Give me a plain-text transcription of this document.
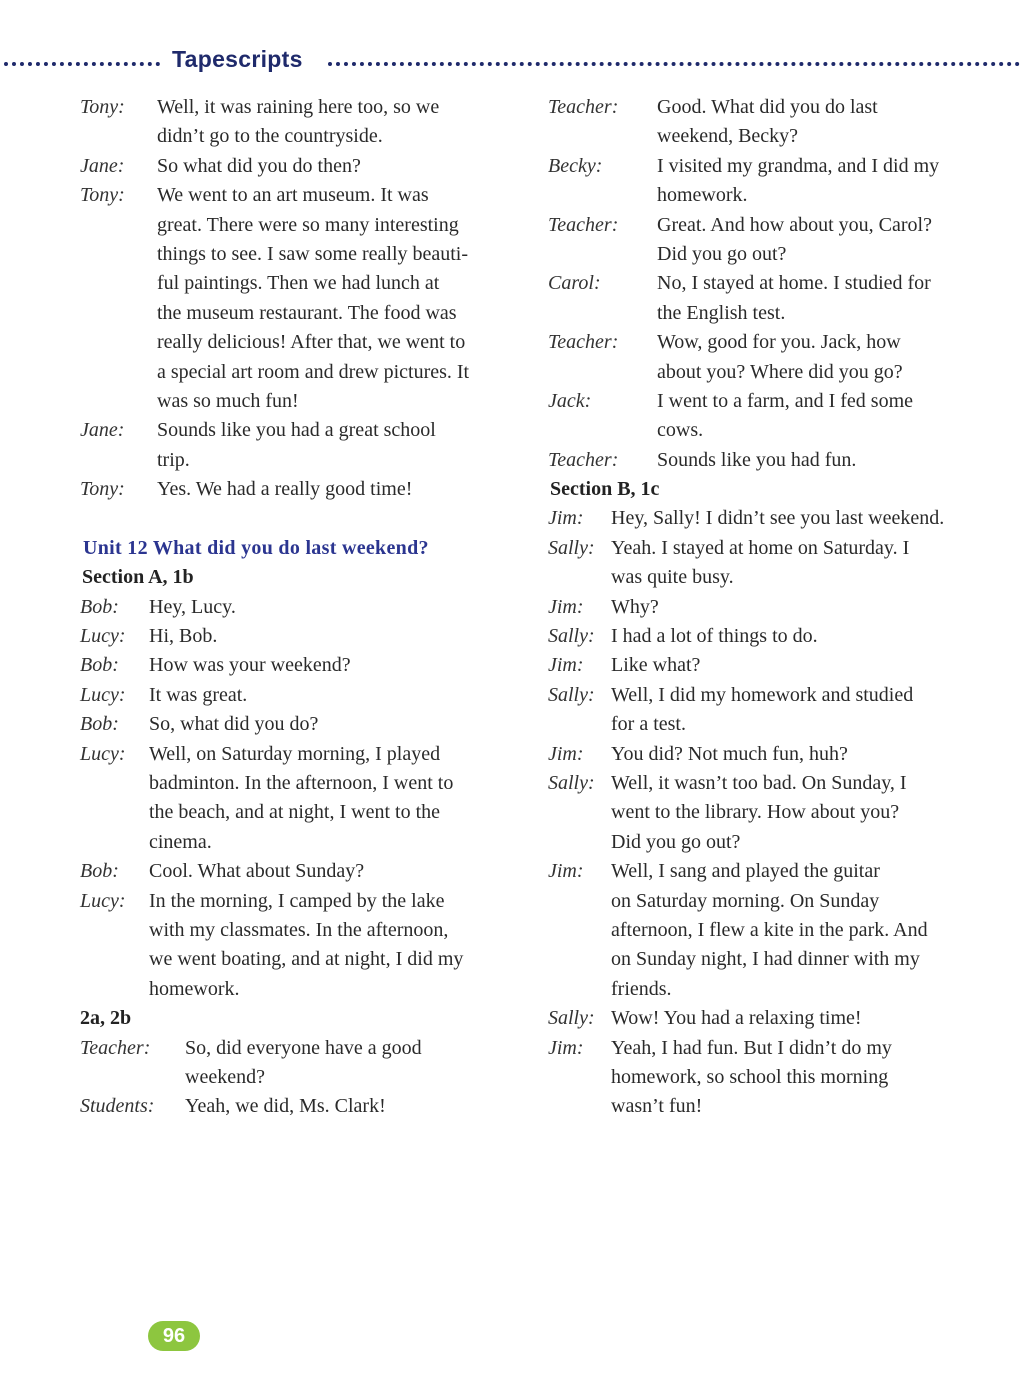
Tapescripts
Tony: Well, it was raining here too, so we
didn’t go to the countryside.
Jane: So what did you do then?
Tony: We went to an art museum. It was
great. There were so many interesting
things to see. I saw some really beauti-
ful paintings. Then we had lunch at
the museum restaurant. The food was
really delicious! After that, we went to
a special art room and drew pictures. It
was so much fun!
Jane: Sounds like you had a great school
trip.
Tony: Yes. We had a really good time!
Unit 12 What did you do last weekend?
Section A, 1b
Bob: Hey, Lucy.
Lucy: Hi, Bob.
Bob: How was your weekend?
Lucy: It was great.
Bob: So, what did you do?
Lucy: Well, on Saturday morning, I played
badminton. In the afternoon, I went to
the beach, and at night, I went to the
cinema.
Bob: Cool. What about Sunday?
Lucy: In the morning, I camped by the lake
with my classmates. In the afternoon,
we went boating, and at night, I did my
homework.
2a, 2b
Teacher: So, did everyone have a good
weekend?
Students: Yeah, we did, Ms. Clark!
Teacher: Good. What did you do last
weekend, Becky?
Becky:	I visited my grandma, and I did my
homework.
Teacher: Great. And how about you, Carol?
Did you go out?
Carol:	No, I stayed at home. I studied for
the English test.
Teacher: Wow, good for you. Jack, how
about you? Where did you go?
Jack:	I went to a farm, and I fed some
cows.
Teacher: Sounds like you had fun.
Section B, 1c
Jim: Hey, Sally! I didn’t see you last weekend.
Sally: Yeah. I stayed at home on Saturday. I
was quite busy.
Jim: Why?
Sally: I had a lot of things to do.
Jim: Like what?
Sally: Well, I did my homework and studied
for a test.
Jim: You did? Not much fun, huh?
Sally: Well, it wasn’t too bad. On Sunday, I
went to the library. How about you?
Did you go out?
Jim: Well, I sang and played the guitar
on Saturday morning. On Sunday
afternoon, I flew a kite in the park. And
on Sunday night, I had dinner with my
friends.
Sally: Wow! You had a relaxing time!
Jim: Yeah, I had fun. But I didn’t do my
homework, so school this morning
wasn’t fun!
96
